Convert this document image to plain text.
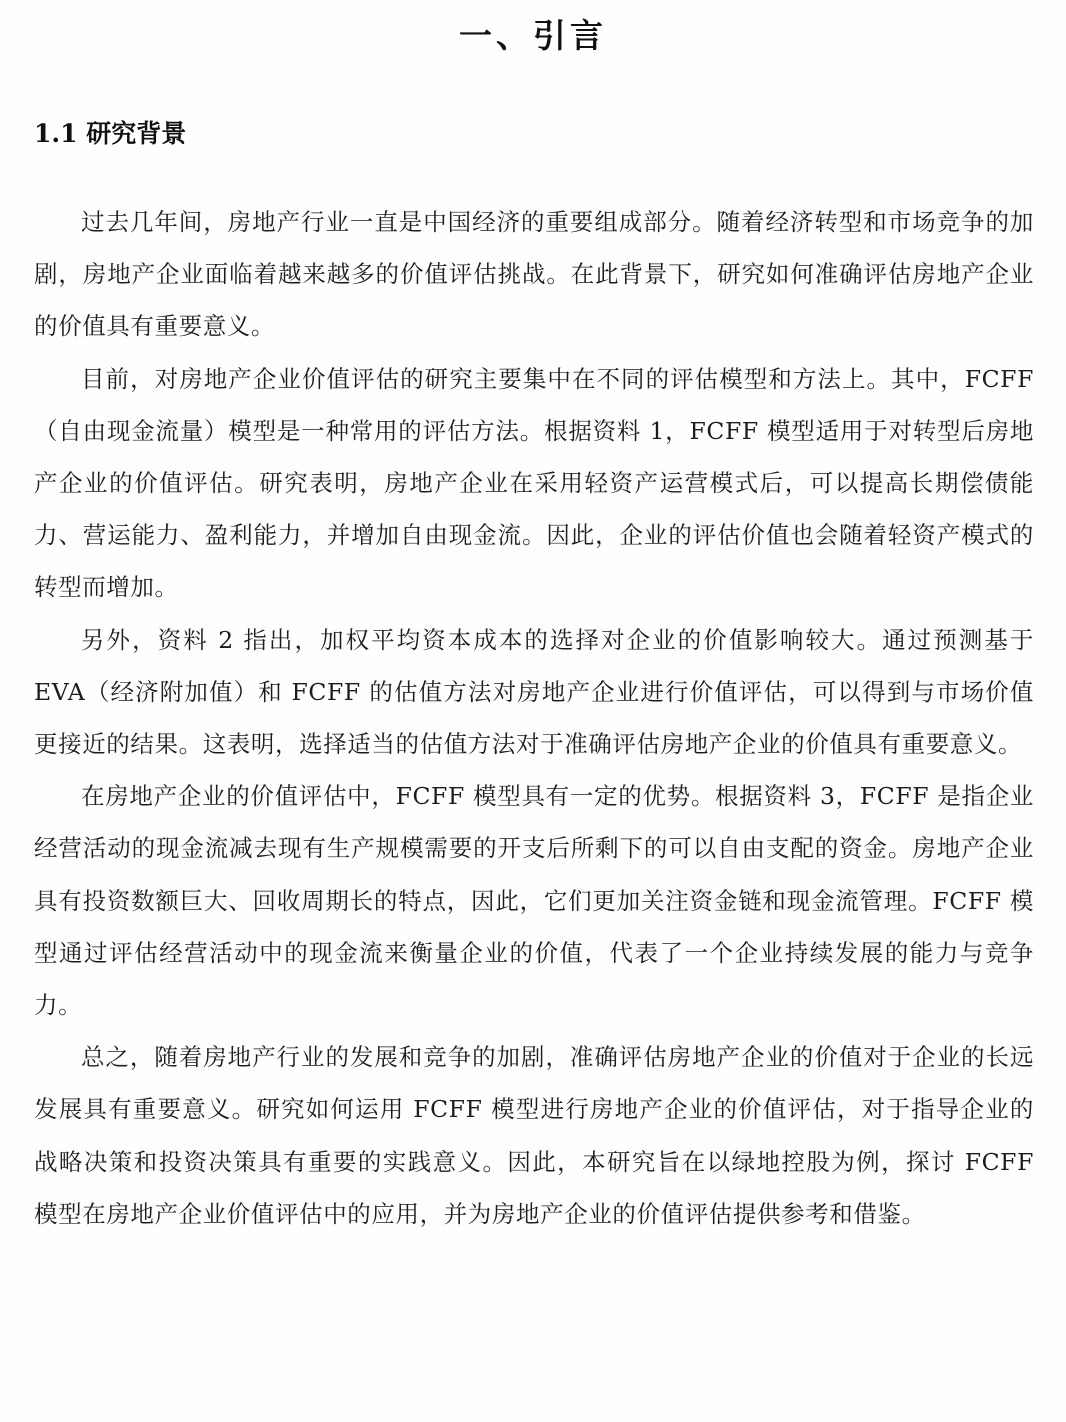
一、引言
1.1 研究背景

过去几年间，房地产行业一直是中国经济的重要组成部分。随着经济转型和市场竞争的加剧，房地产企业面临着越来越多的价值评估挑战。在此背景下，研究如何准确评估房地产企业的价值具有重要意义。

目前，对房地产企业价值评估的研究主要集中在不同的评估模型和方法上。其中，FCFF（自由现金流量）模型是一种常用的评估方法。根据资料 1，FCFF 模型适用于对转型后房地产企业的价值评估。研究表明，房地产企业在采用轻资产运营模式后，可以提高长期偿债能力、营运能力、盈利能力，并增加自由现金流。因此，企业的评估价值也会随着轻资产模式的转型而增加。

另外，资料 2 指出，加权平均资本成本的选择对企业的价值影响较大。通过预测基于 EVA（经济附加值）和 FCFF 的估值方法对房地产企业进行价值评估，可以得到与市场价值更接近的结果。这表明，选择适当的估值方法对于准确评估房地产企业的价值具有重要意义。

在房地产企业的价值评估中，FCFF 模型具有一定的优势。根据资料 3，FCFF 是指企业经营活动的现金流减去现有生产规模需要的开支后所剩下的可以自由支配的资金。房地产企业具有投资数额巨大、回收周期长的特点，因此，它们更加关注资金链和现金流管理。FCFF 模型通过评估经营活动中的现金流来衡量企业的价值，代表了一个企业持续发展的能力与竞争力。

总之，随着房地产行业的发展和竞争的加剧，准确评估房地产企业的价值对于企业的长远发展具有重要意义。研究如何运用 FCFF 模型进行房地产企业的价值评估，对于指导企业的战略决策和投资决策具有重要的实践意义。因此，本研究旨在以绿地控股为例，探讨 FCFF 模型在房地产企业价值评估中的应用，并为房地产企业的价值评估提供参考和借鉴。
